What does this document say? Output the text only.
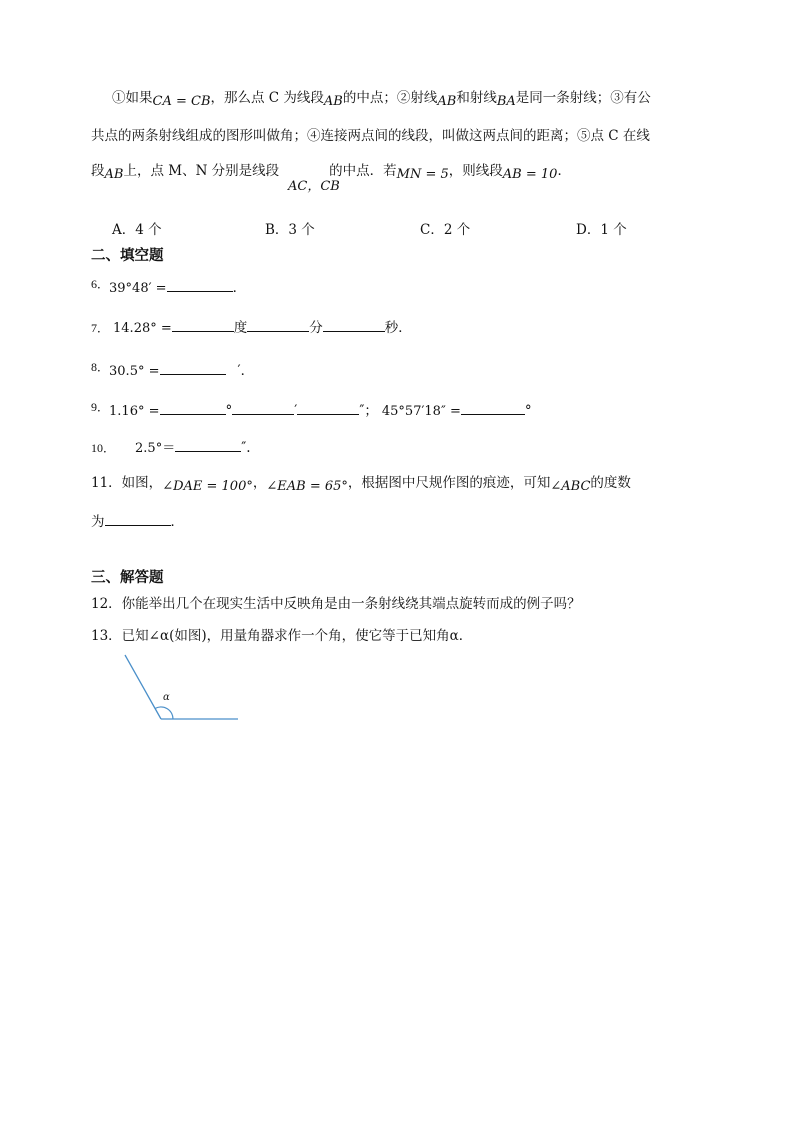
①如果CA = CB，那么点 C 为线段AB的中点；②射线AB和射线BA是同一条射线；③有公
共点的两条射线组成的图形叫做角；④连接两点间的线段，叫做这两点间的距离；⑤点 C 在线
段AB上，点 M、N 分别是线段	的中点．若MN = 5，则线段AB = 10．
AC，CB
A．4 个	B．3 个	C．2 个	D．1 个
二、填空题
6．39°48′ =	．
7． 14.28° =	度	分	秒．
8．30.5° =	′．
9．1.16° =	°	′	″； 45°57′18″ =	°
10． 2.5°＝	″.
11．如图，∠DAE = 100°，∠EAB = 65°，根据图中尺规作图的痕迹，可知∠ABC的度数
为	．
三、解答题
12．你能举出几个在现实生活中反映角是由一条射线绕其端点旋转而成的例子吗？
13．已知∠α(如图)，用量角器求作一个角，使它等于已知角α．
α
